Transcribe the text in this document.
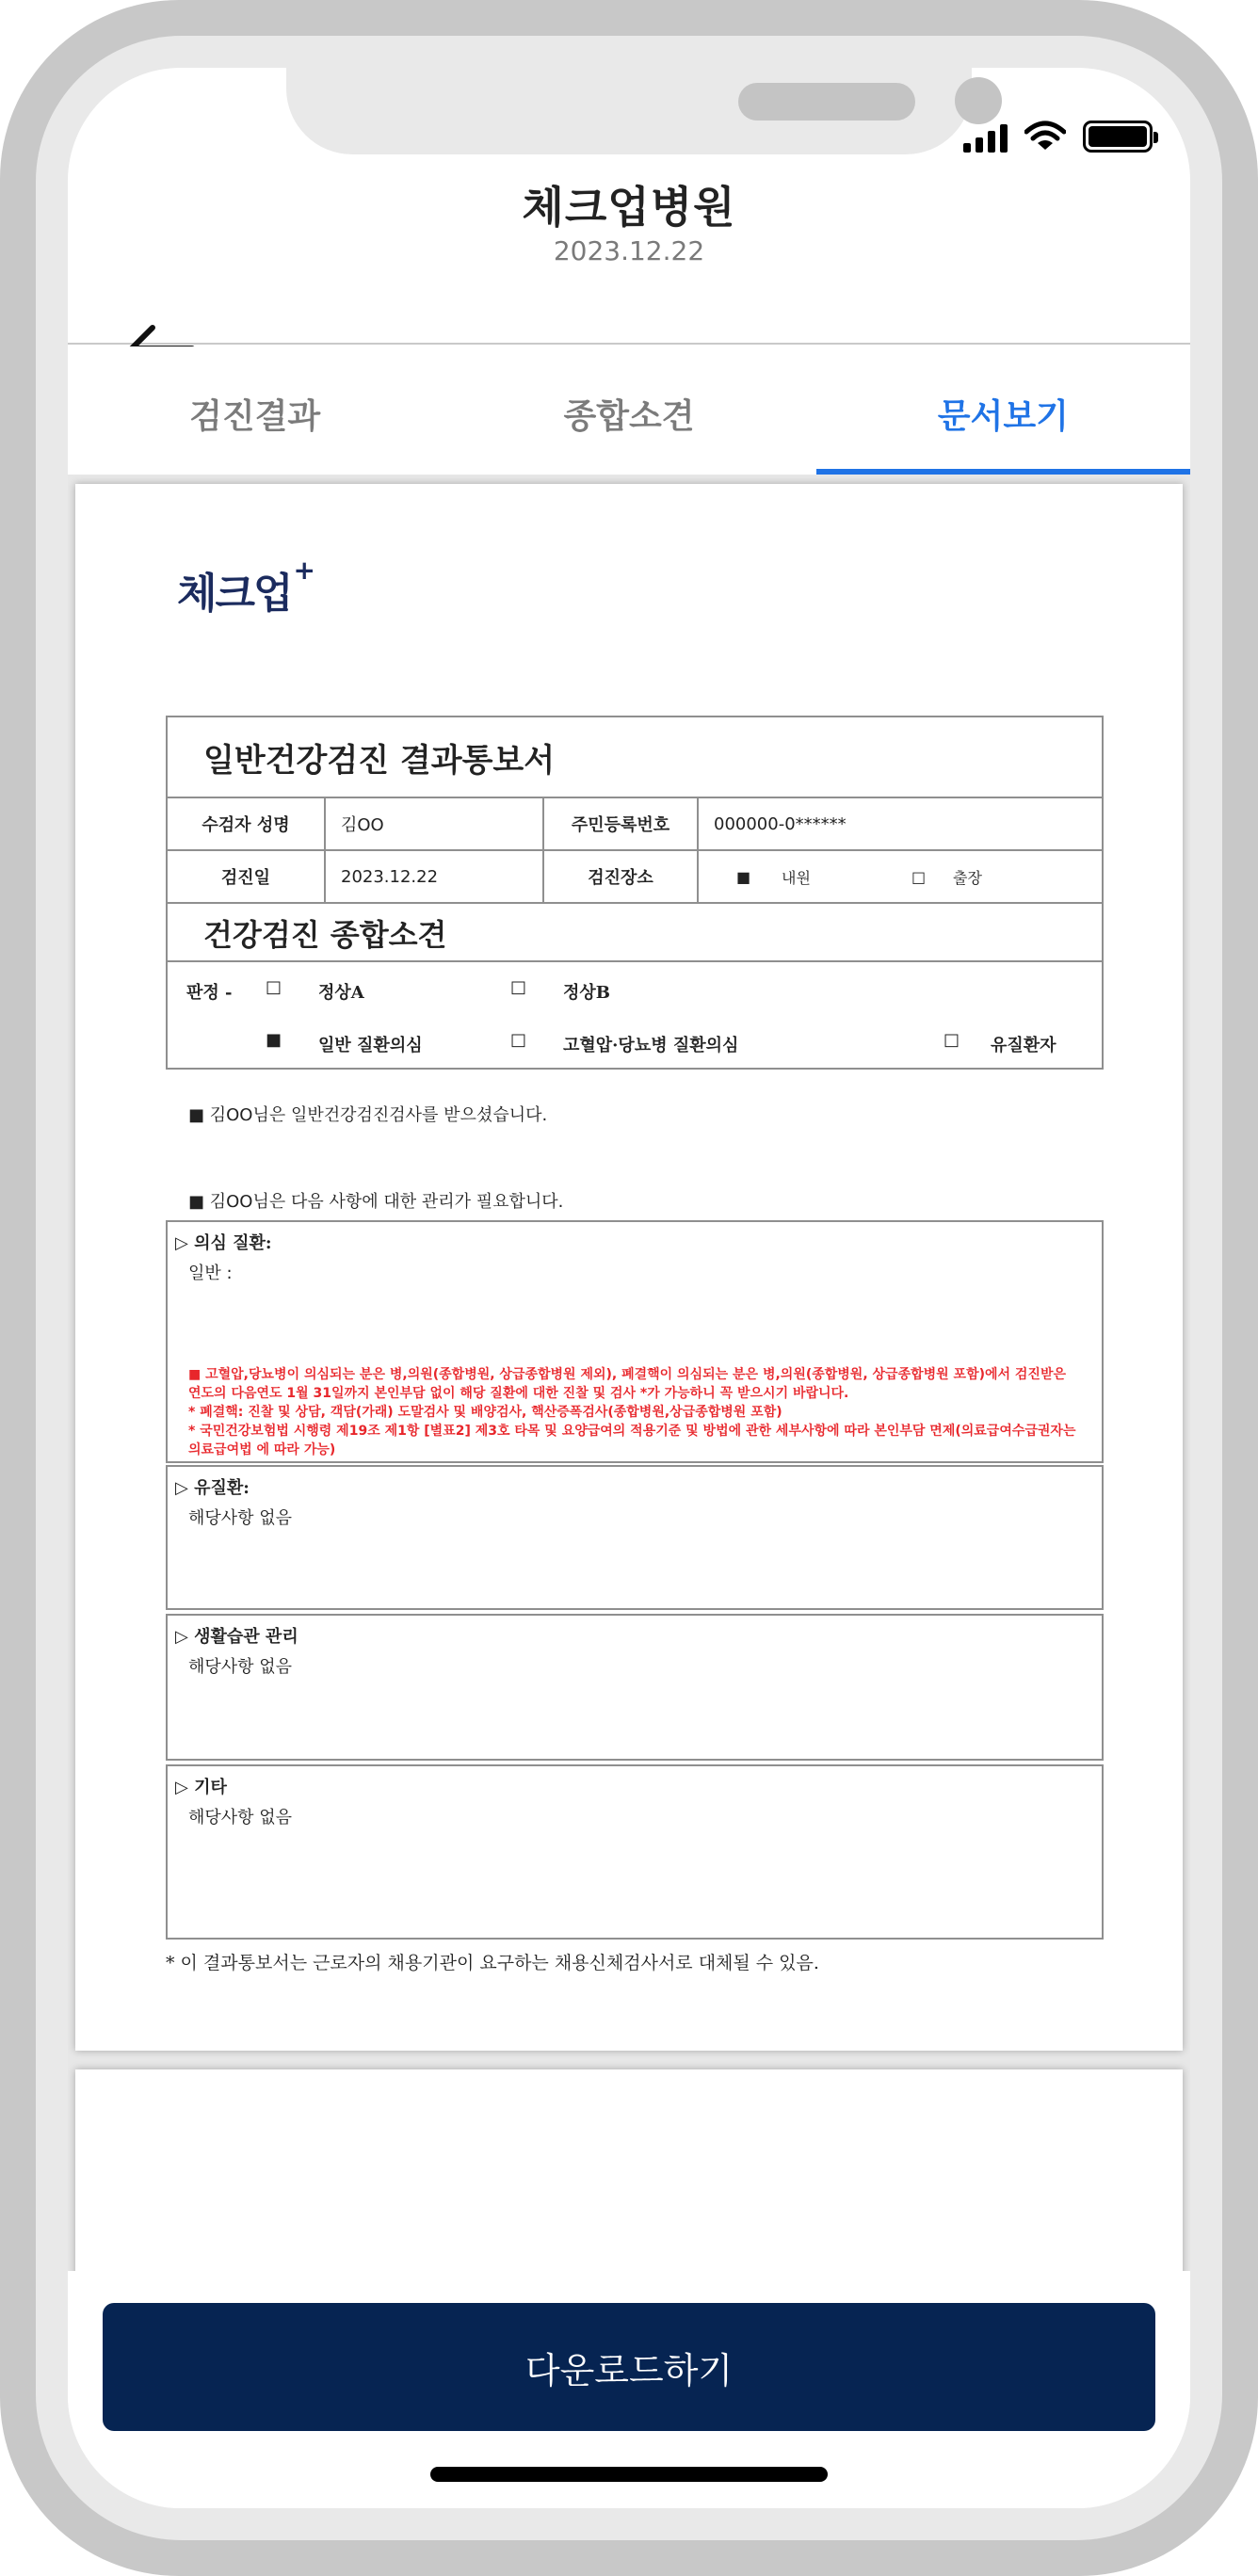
체크업병원
2023.12.22
검진결과	종합소견	문서보기
체크업+
일반건강검진 결과통보서
수검자 성명	김OO	주민등록번호	000000-0******
검진일	2023.12.22	검진장소	■ 내원	□ 출장
건강검진 종합소견
판정 - □ 정상A	□ 정상B
■ 일반 질환의심	□ 고혈압·당뇨병 질환의심	□ 유질환자
■ 김OO님은 일반건강검진검사를 받으셨습니다.
■ 김OO님은 다음 사항에 대한 관리가 필요합니다.
▷ 의심 질환:
일반 :
■ 고혈압,당뇨병이 의심되는 분은 병,의원(종합병원, 상급종합병원 제외), 폐결핵이 의심되는 분은 병,의원(종합병원, 상급종합병원 포함)에서 검진받은 연도의 다음연도 1월 31일까지 본인부담 없이 해당 질환에 대한 진찰 및 검사 *가 가능하니 꼭 받으시기 바랍니다.
* 폐결핵: 진찰 및 상담, 객담(가래) 도말검사 및 배양검사, 핵산증폭검사(종합병원,상급종합병원 포함)
* 국민건강보험법 시행령 제19조 제1항 [별표2] 제3호 타목 및 요양급여의 적용기준 및 방법에 관한 세부사항에 따라 본인부담 면제(의료급여수급권자는 의료급여법 에 따라 가능)
▷ 유질환:
해당사항 없음
▷ 생활습관 관리
해당사항 없음
▷ 기타
해당사항 없음
* 이 결과통보서는 근로자의 채용기관이 요구하는 채용신체검사서로 대체될 수 있음.
다운로드하기
